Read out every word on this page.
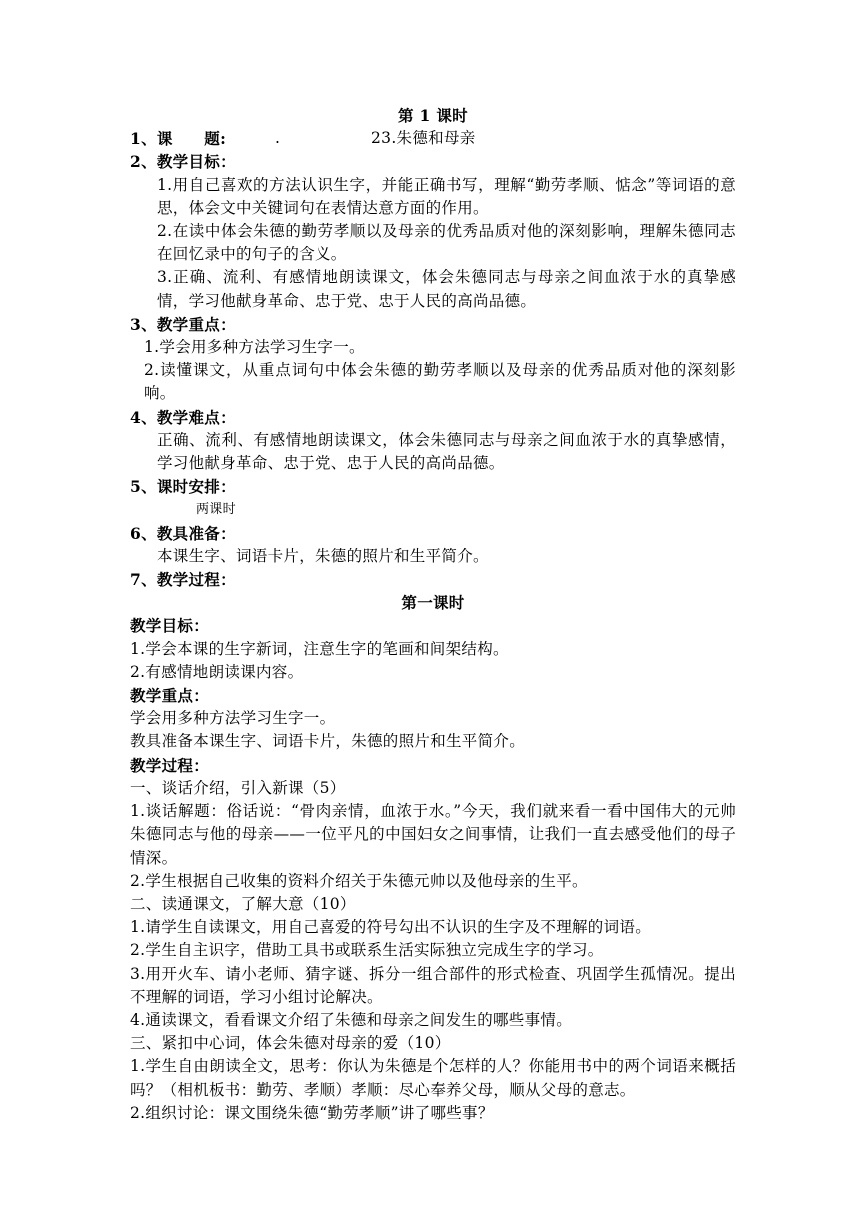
第 1 课时
1、课　　题:	.	23.朱德和母亲
2、教学目标：
1.用自己喜欢的方法认识生字，并能正确书写，理解“勤劳孝顺、惦念”等词语的意思，体会文中关键词句在表情达意方面的作用。
2.在读中体会朱德的勤劳孝顺以及母亲的优秀品质对他的深刻影响，理解朱德同志在回忆录中的句子的含义。
3.正确、流利、有感情地朗读课文，体会朱德同志与母亲之间血浓于水的真挚感情，学习他献身革命、忠于党、忠于人民的高尚品德。
3、教学重点：
1.学会用多种方法学习生字一。
2.读懂课文，从重点词句中体会朱德的勤劳孝顺以及母亲的优秀品质对他的深刻影响。
4、教学难点：
正确、流利、有感情地朗读课文，体会朱德同志与母亲之间血浓于水的真挚感情，学习他献身革命、忠于党、忠于人民的高尚品德。
5、课时安排：
两课时
6、教具准备：
本课生字、词语卡片，朱德的照片和生平简介。
7、教学过程：
第一课时
教学目标：
1.学会本课的生字新词，注意生字的笔画和间架结构。
2.有感情地朗读课内容。
教学重点：
学会用多种方法学习生字一。
教具准备本课生字、词语卡片，朱德的照片和生平简介。
教学过程：
一、谈话介绍，引入新课（5）
1.谈话解题：俗话说：“骨肉亲情，血浓于水。”今天，我们就来看一看中国伟大的元帅朱德同志与他的母亲——一位平凡的中国妇女之间事情，让我们一直去感受他们的母子情深。
2.学生根据自己收集的资料介绍关于朱德元帅以及他母亲的生平。
二、读通课文，了解大意（10）
1.请学生自读课文，用自己喜爱的符号勾出不认识的生字及不理解的词语。
2.学生自主识字，借助工具书或联系生活实际独立完成生字的学习。
3.用开火车、请小老师、猜字谜、拆分一组合部件的形式检查、巩固学生孤情况。提出不理解的词语，学习小组讨论解决。
4.通读课文，看看课文介绍了朱德和母亲之间发生的哪些事情。
三、紧扣中心词，体会朱德对母亲的爱（10）
1.学生自由朗读全文，思考：你认为朱德是个怎样的人？你能用书中的两个词语来概括吗？（相机板书：勤劳、孝顺）孝顺：尽心奉养父母，顺从父母的意志。
2.组织讨论：课文围绕朱德“勤劳孝顺”讲了哪些事？
